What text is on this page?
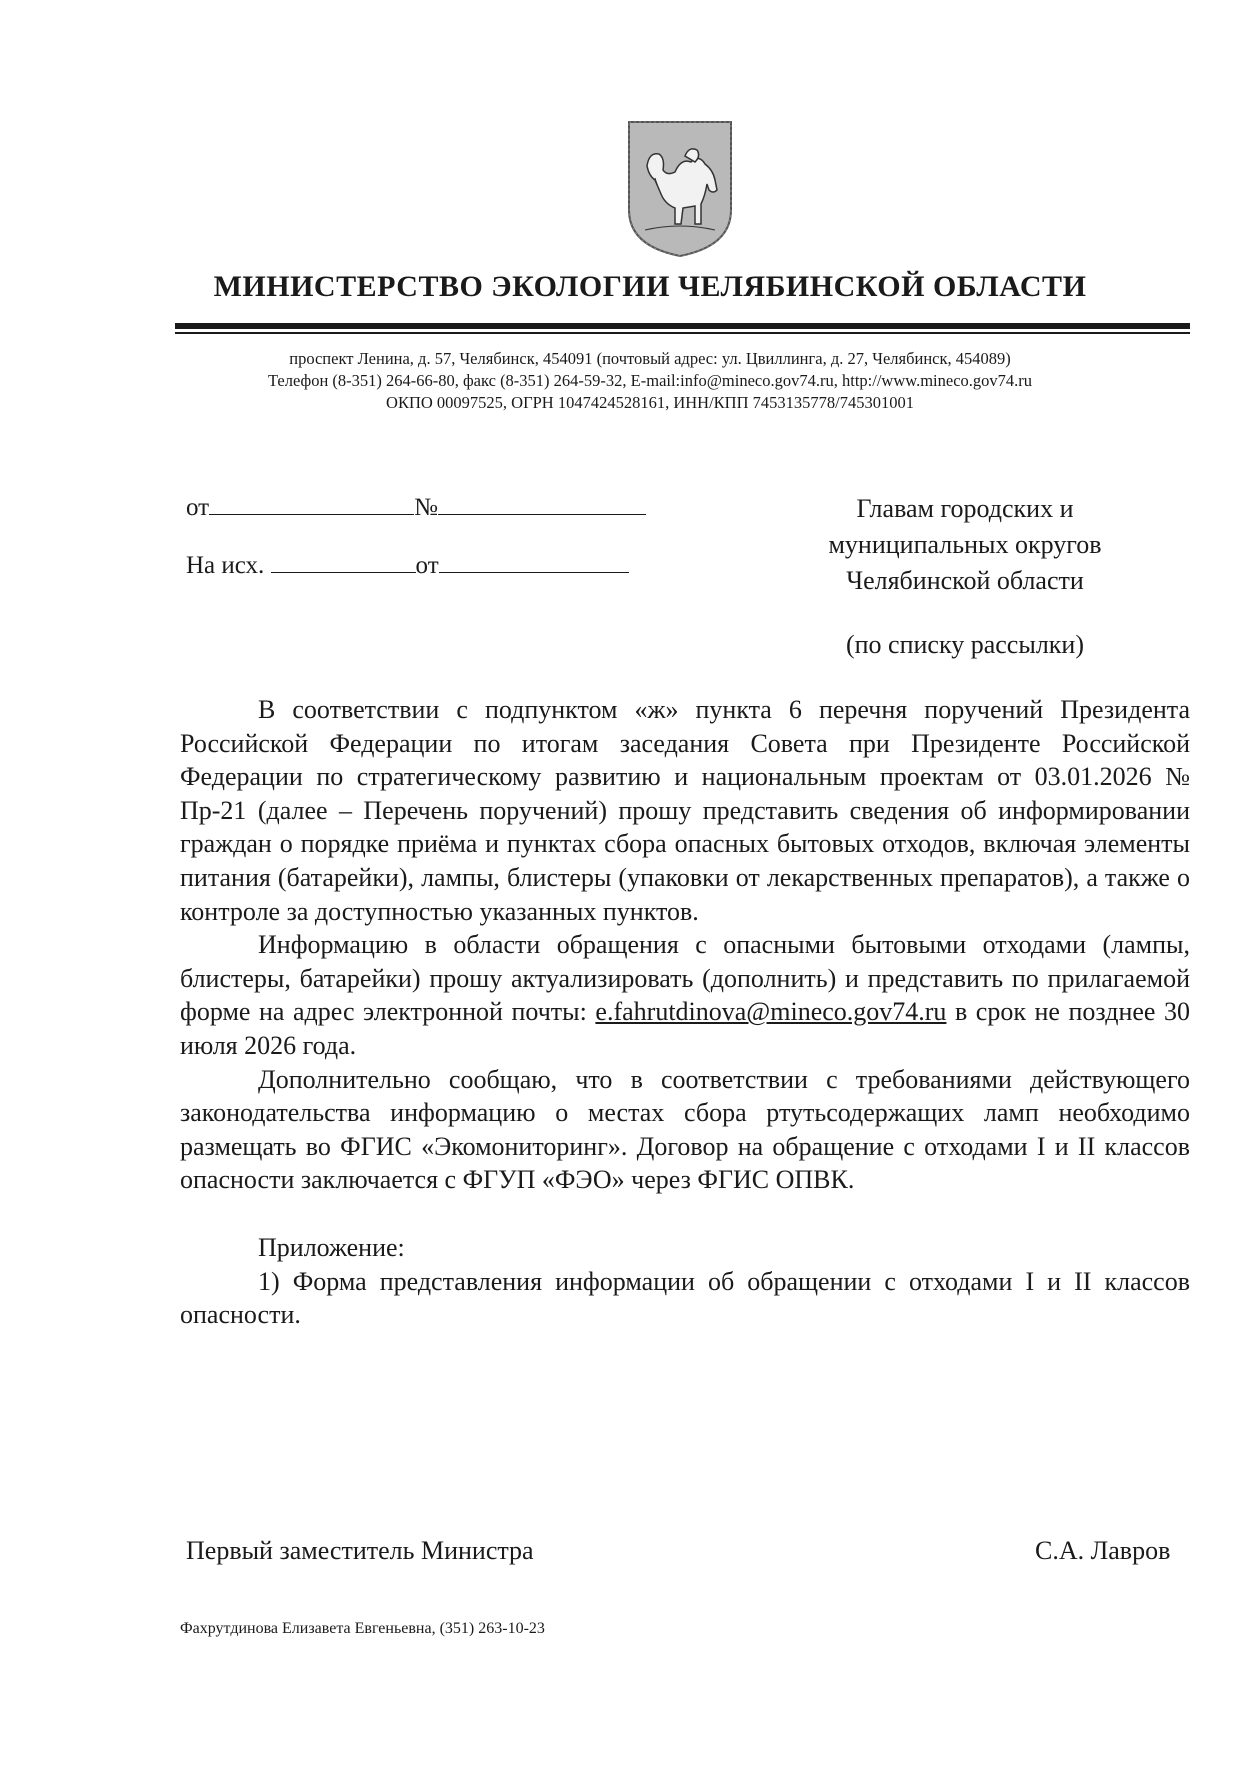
МИНИСТЕРСТВО ЭКОЛОГИИ ЧЕЛЯБИНСКОЙ ОБЛАСТИ
проспект Ленина, д. 57, Челябинск, 454091 (почтовый адрес: ул. Цвиллинга, д. 27, Челябинск, 454089)
Телефон (8-351) 264-66-80, факс (8-351) 264-59-32, E-mail:info@mineco.gov74.ru, http://www.mineco.gov74.ru
ОКПО 00097525, ОГРН 1047424528161, ИНН/КПП 7453135778/745301001
от	№
На исх.	от
Главам городских и
муниципальных округов
Челябинской области
(по списку рассылки)

В соответствии с подпунктом «ж» пункта 6 перечня поручений Президента Российской Федерации по итогам заседания Совета при Президенте Российской Федерации по стратегическому развитию и национальным проектам от 03.01.2026 № Пр-21 (далее – Перечень поручений) прошу представить сведения об информировании граждан о порядке приёма и пунктах сбора опасных бытовых отходов, включая элементы питания (батарейки), лампы, блистеры (упаковки от лекарственных препаратов), а также о контроле за доступностью указанных пунктов.

Информацию в области обращения с опасными бытовыми отходами (лампы, блистеры, батарейки) прошу актуализировать (дополнить) и представить по прилагаемой форме на адрес электронной почты: e.fahrutdinova@mineco.gov74.ru в срок не позднее 30 июля 2026 года.

Дополнительно сообщаю, что в соответствии с требованиями действующего законодательства информацию о местах сбора ртутьсодержащих ламп необходимо размещать во ФГИС «Экомониторинг». Договор на обращение с отходами I и II классов опасности заключается с ФГУП «ФЭО» через ФГИС ОПВК.

Приложение:

1) Форма представления информации об обращении с отходами I и II классов опасности.

Первый заместитель Министра	С.А. Лавров
Фахрутдинова Елизавета Евгеньевна, (351) 263-10-23
